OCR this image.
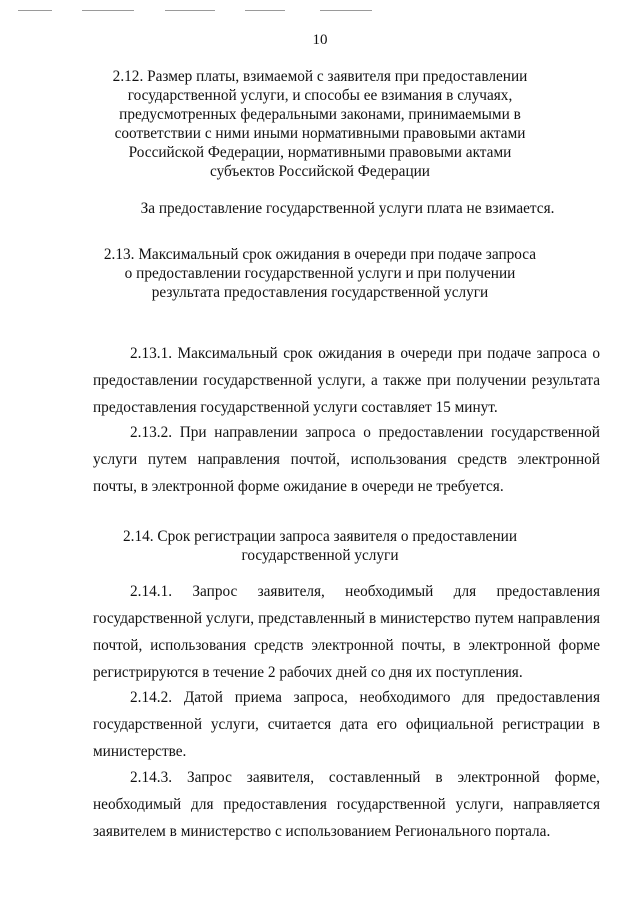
10
2.12. Размер платы, взимаемой с заявителя при предоставлении государственной услуги, и способы ее взимания в случаях, предусмотренных федеральными законами, принимаемыми в соответствии с ними иными нормативными правовыми актами Российской Федерации, нормативными правовыми актами субъектов Российской Федерации
За предоставление государственной услуги плата не взимается.
2.13. Максимальный срок ожидания в очереди при подаче запроса о предоставлении государственной услуги и при получении результата предоставления государственной услуги
2.13.1. Максимальный срок ожидания в очереди при подаче запроса о предоставлении государственной услуги, а также при получении результата предоставления государственной услуги составляет 15 минут.
2.13.2. При направлении запроса о предоставлении государственной услуги путем направления почтой, использования средств электронной почты, в электронной форме ожидание в очереди не требуется.
2.14. Срок регистрации запроса заявителя о предоставлении государственной услуги
2.14.1. Запрос заявителя, необходимый для предоставления государственной услуги, представленный в министерство путем направления почтой, использования средств электронной почты, в электронной форме регистрируются в течение 2 рабочих дней со дня их поступления.
2.14.2. Датой приема запроса, необходимого для предоставления государственной услуги, считается дата его официальной регистрации в министерстве.
2.14.3. Запрос заявителя, составленный в электронной форме, необходимый для предоставления государственной услуги, направляется заявителем в министерство с использованием Регионального портала.
